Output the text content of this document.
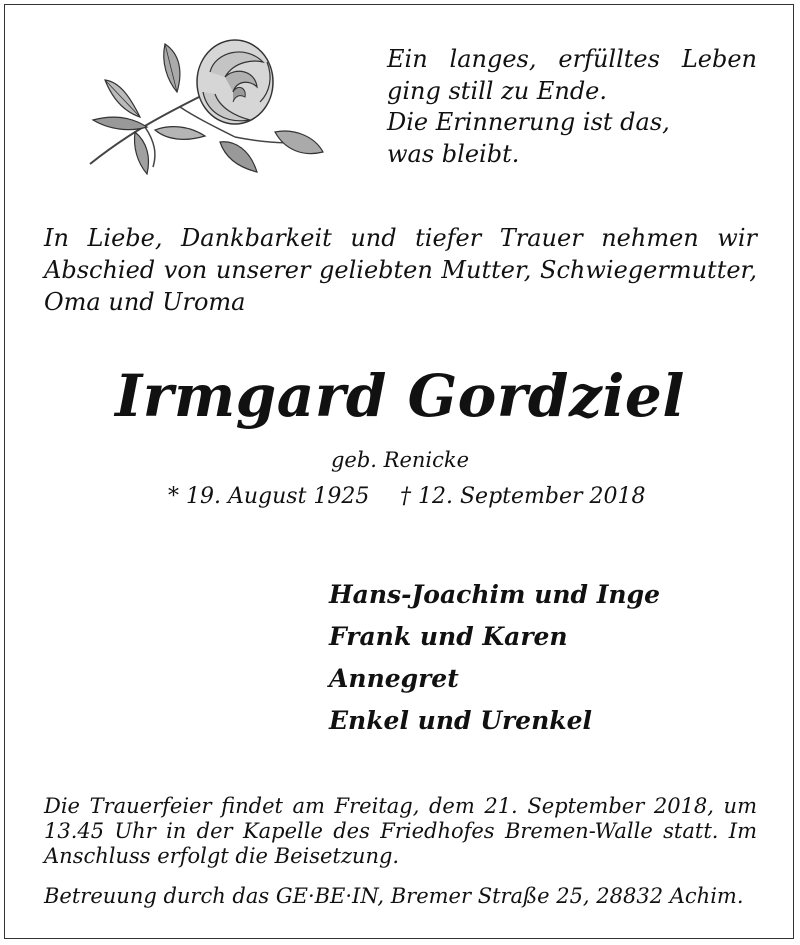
Ein langes, erfülltes Leben
ging still zu Ende.
Die Erinnerung ist das,
was bleibt.
In Liebe, Dankbarkeit und tiefer Trauer nehmen wir
Abschied von unserer geliebten Mutter, Schwiegermutter,
Oma und Uroma
Irmgard Gordziel
geb. Renicke
* 19. August 1925 † 12. September 2018
Hans-Joachim und Inge
Frank und Karen
Annegret
Enkel und Urenkel
Die Trauerfeier findet am Freitag, dem 21. September 2018, um
13.45 Uhr in der Kapelle des Friedhofes Bremen-Walle statt. Im
Anschluss erfolgt die Beisetzung.
Betreuung durch das GE·BE·IN, Bremer Straße 25, 28832 Achim.
